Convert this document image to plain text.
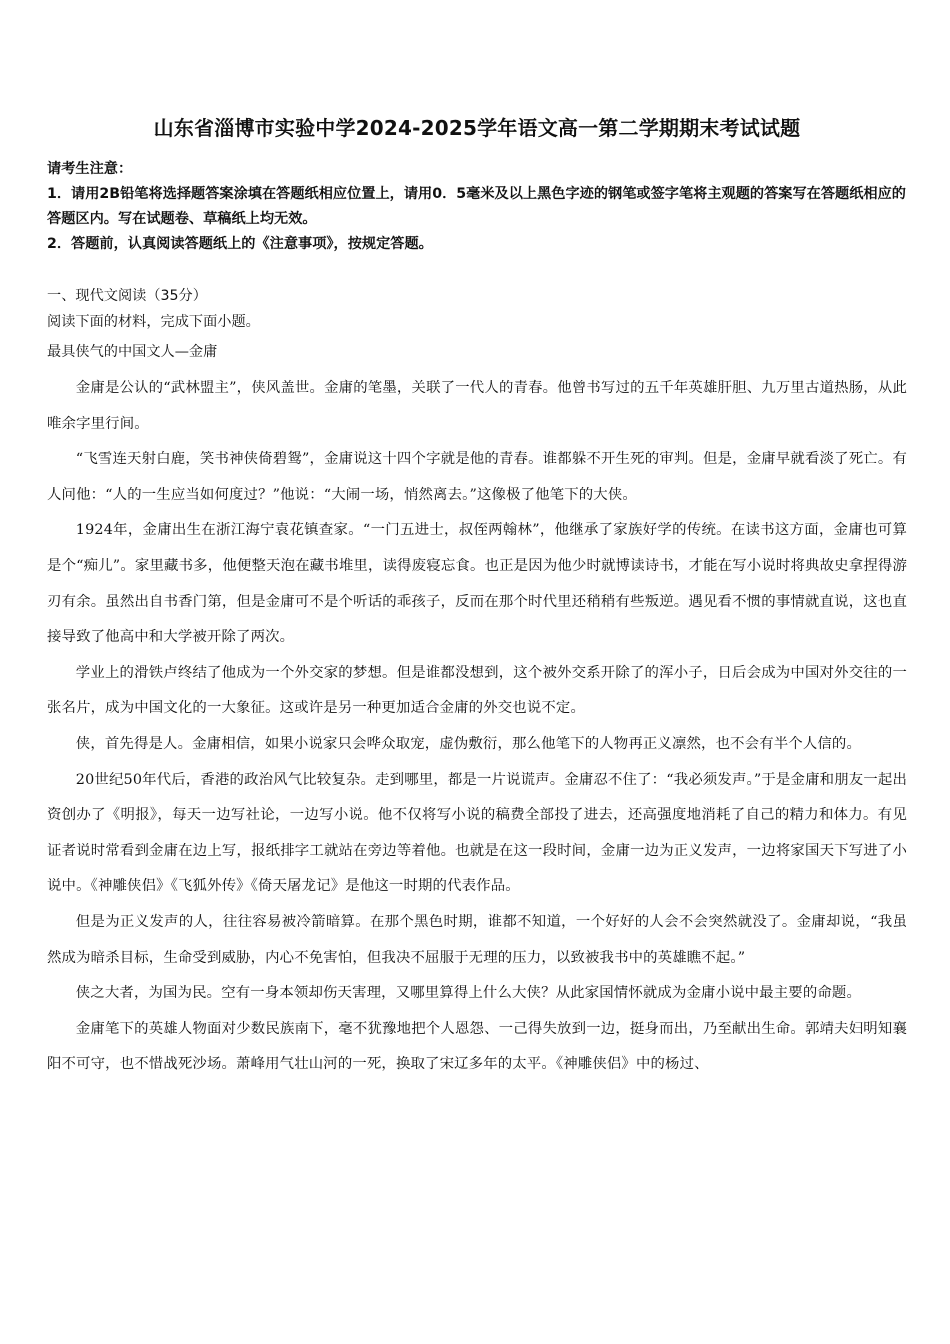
山东省淄博市实验中学2024-2025学年语文高一第二学期期末考试试题

请考生注意：

1．请用2B铅笔将选择题答案涂填在答题纸相应位置上，请用0．5毫米及以上黑色字迹的钢笔或签字笔将主观题的答案写在答题纸相应的答题区内。写在试题卷、草稿纸上均无效。

2．答题前，认真阅读答题纸上的《注意事项》，按规定答题。

一、现代文阅读（35分）
阅读下面的材料，完成下面小题。
最具侠气的中国文人—金庸

金庸是公认的“武林盟主”，侠风盖世。金庸的笔墨，关联了一代人的青春。他曾书写过的五千年英雄肝胆、九万里古道热肠，从此唯余字里行间。

“飞雪连天射白鹿，笑书神侠倚碧鸳”，金庸说这十四个字就是他的青春。谁都躲不开生死的审判。但是，金庸早就看淡了死亡。有人问他：“人的一生应当如何度过？”他说：“大闹一场，悄然离去。”这像极了他笔下的大侠。

1924年，金庸出生在浙江海宁袁花镇查家。“一门五进士，叔侄两翰林”，他继承了家族好学的传统。在读书这方面，金庸也可算是个“痴儿”。家里藏书多，他便整天泡在藏书堆里，读得废寝忘食。也正是因为他少时就博读诗书，才能在写小说时将典故史拿捏得游刃有余。虽然出自书香门第，但是金庸可不是个听话的乖孩子，反而在那个时代里还稍稍有些叛逆。遇见看不惯的事情就直说，这也直接导致了他高中和大学被开除了两次。

学业上的滑铁卢终结了他成为一个外交家的梦想。但是谁都没想到，这个被外交系开除了的浑小子，日后会成为中国对外交往的一张名片，成为中国文化的一大象征。这或许是另一种更加适合金庸的外交也说不定。

侠，首先得是人。金庸相信，如果小说家只会哗众取宠，虚伪敷衍，那么他笔下的人物再正义凛然，也不会有半个人信的。

20世纪50年代后，香港的政治风气比较复杂。走到哪里，都是一片说谎声。金庸忍不住了：“我必须发声。”于是金庸和朋友一起出资创办了《明报》，每天一边写社论，一边写小说。他不仅将写小说的稿费全部投了进去，还高强度地消耗了自己的精力和体力。有见证者说时常看到金庸在边上写，报纸排字工就站在旁边等着他。也就是在这一段时间，金庸一边为正义发声，一边将家国天下写进了小说中。《神雕侠侣》《飞狐外传》《倚天屠龙记》是他这一时期的代表作品。

但是为正义发声的人，往往容易被冷箭暗算。在那个黑色时期，谁都不知道，一个好好的人会不会突然就没了。金庸却说，“我虽然成为暗杀目标，生命受到威胁，内心不免害怕，但我决不屈服于无理的压力，以致被我书中的英雄瞧不起。”

侠之大者，为国为民。空有一身本领却伤天害理，又哪里算得上什么大侠？从此家国情怀就成为金庸小说中最主要的命题。

金庸笔下的英雄人物面对少数民族南下，毫不犹豫地把个人恩怨、一己得失放到一边，挺身而出，乃至献出生命。郭靖夫妇明知襄阳不可守，也不惜战死沙场。萧峰用气壮山河的一死，换取了宋辽多年的太平。《神雕侠侣》中的杨过、
